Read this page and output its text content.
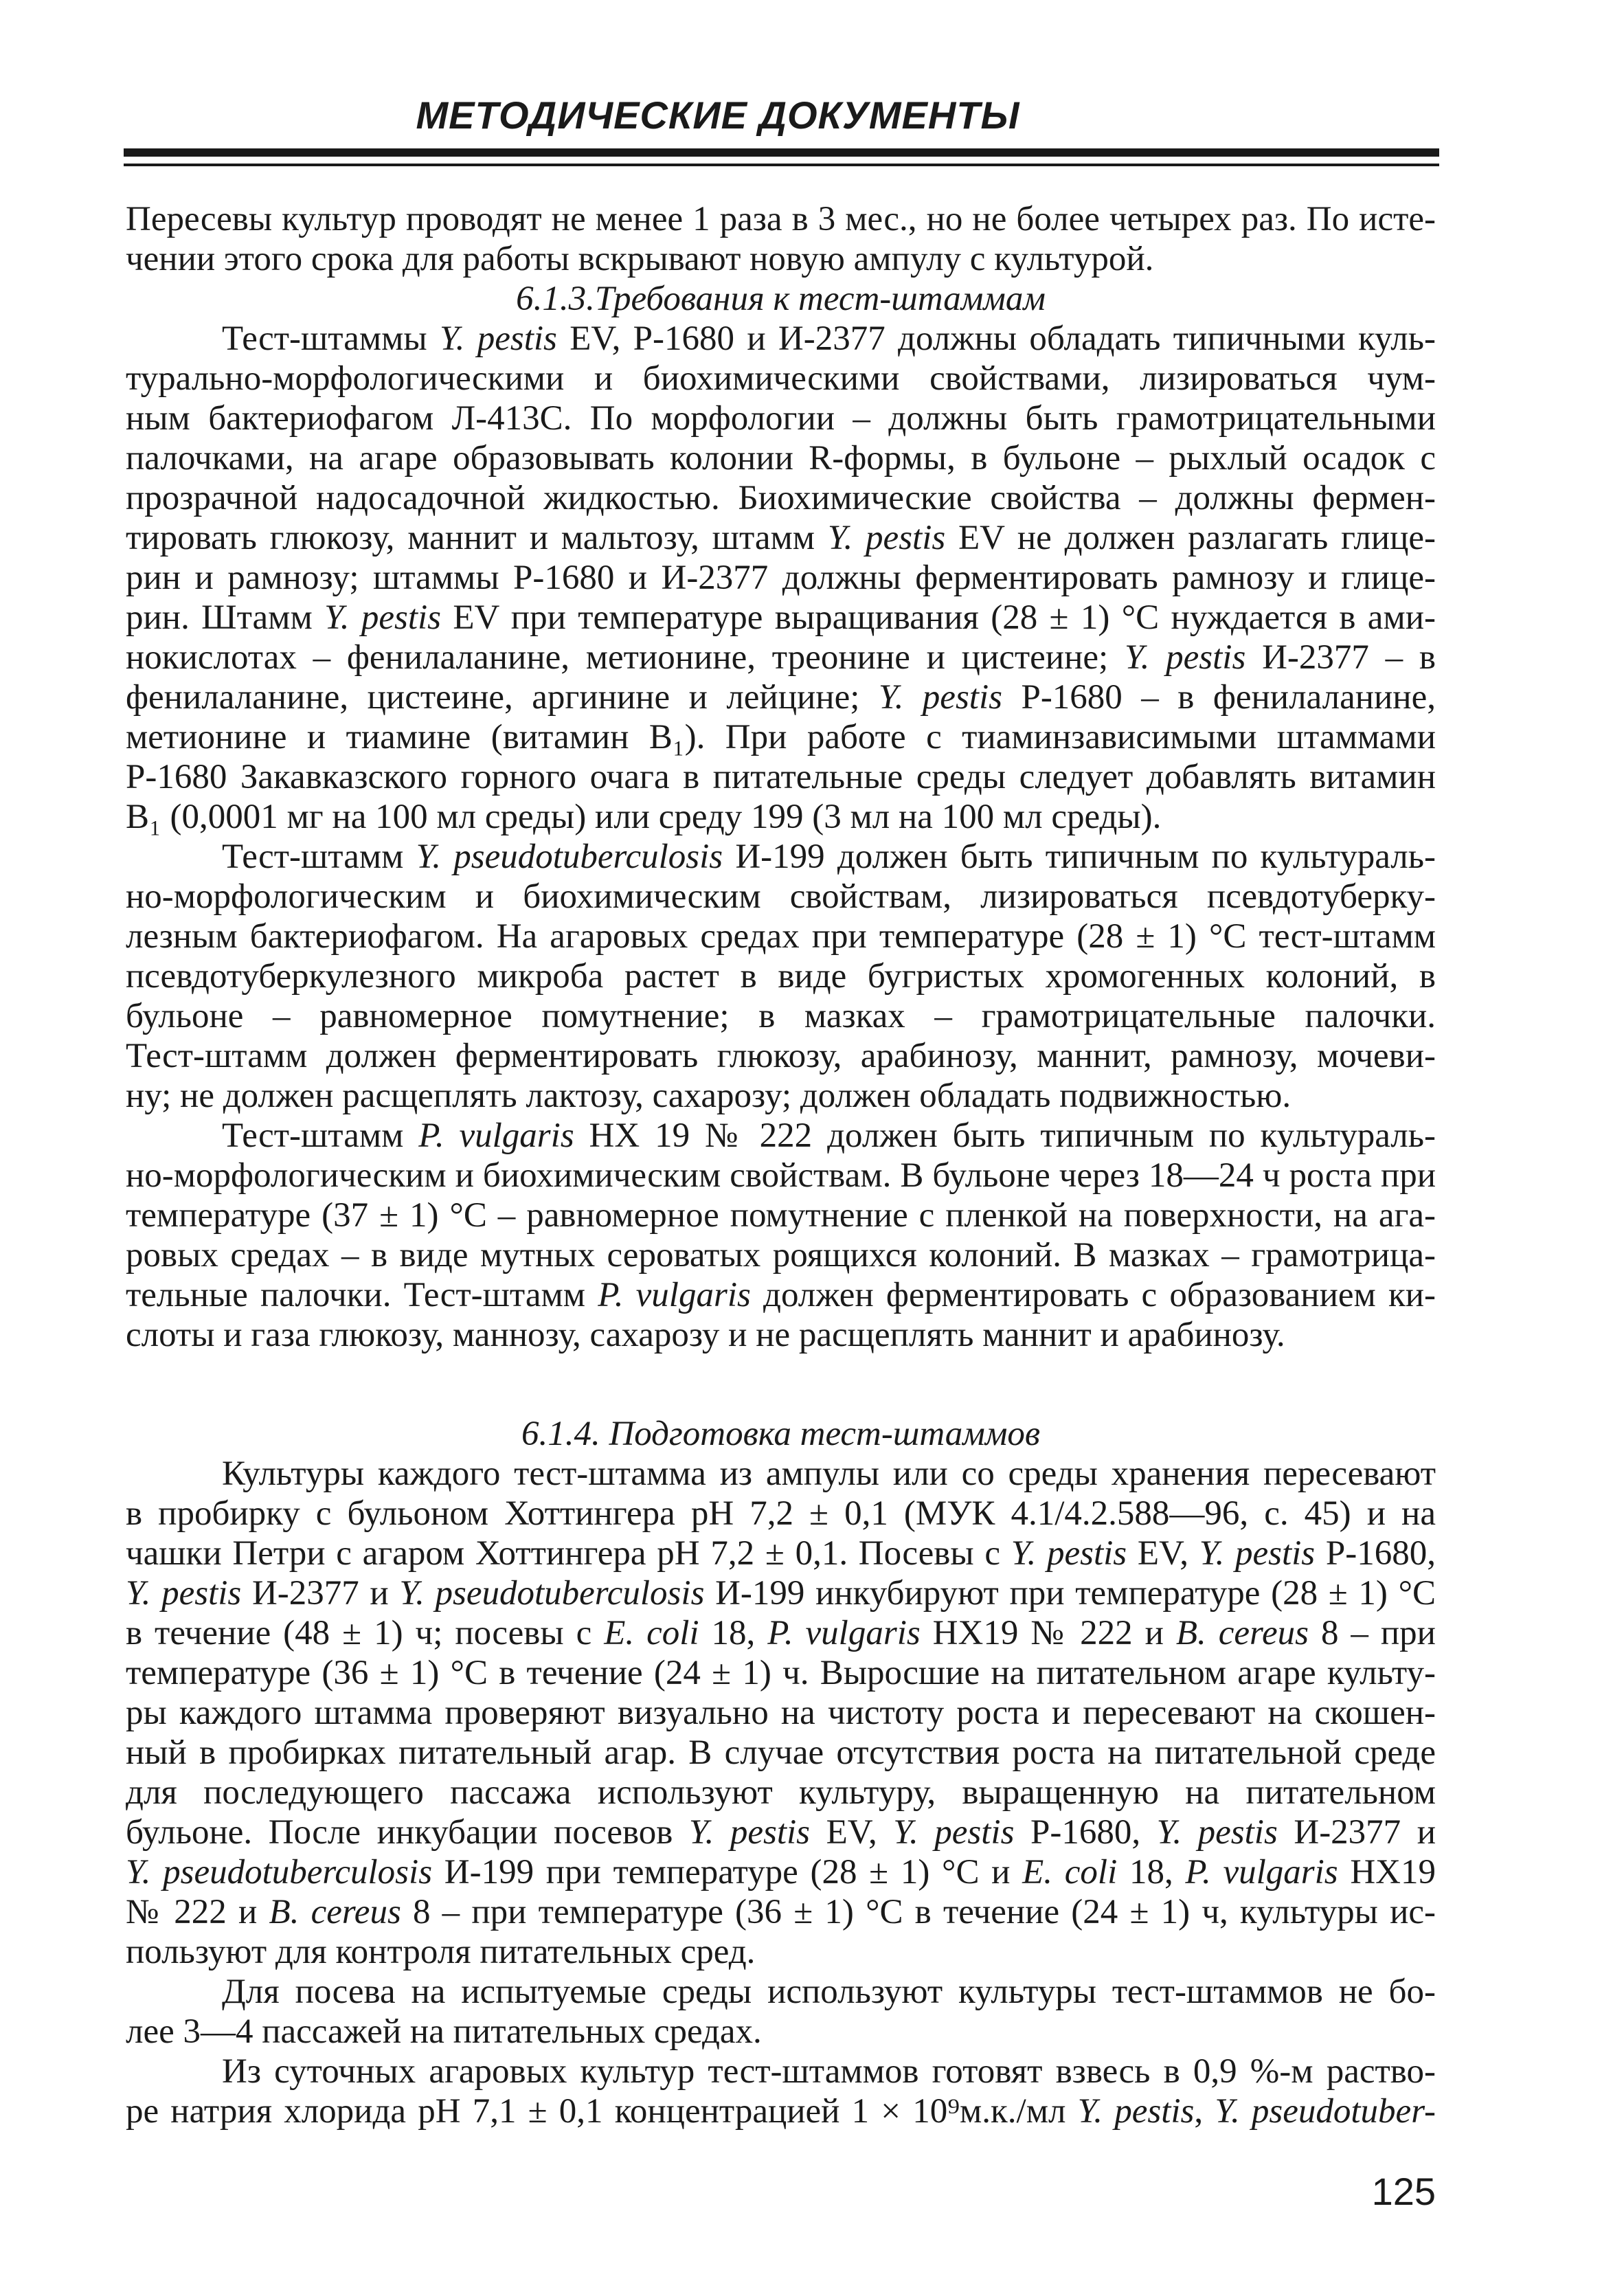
МЕТОДИЧЕСКИЕ ДОКУМЕНТЫ
Пересевы культур проводят не менее 1 раза в 3 мес., но не более четырех раз. По исте-
чении этого срока для работы вскрывают новую ампулу с культурой.
6.1.3.Требования к тест-штаммам
Тест-штаммы Y. pestis EV, Р-1680 и И-2377 должны обладать типичными куль-
турально-морфологическими и биохимическими свойствами, лизироваться чум-
ным бактериофагом Л-413С. По морфологии – должны быть грамотрицательными
палочками, на агаре образовывать колонии R-формы, в бульоне – рыхлый осадок с
прозрачной надосадочной жидкостью. Биохимические свойства – должны фермен-
тировать глюкозу, маннит и мальтозу, штамм Y. pestis EV не должен разлагать глице-
рин и рамнозу; штаммы Р-1680 и И-2377 должны ферментировать рамнозу и глице-
рин. Штамм Y. pestis EV при температуре выращивания (28 ± 1) °С нуждается в ами-
нокислотах – фенилаланине, метионине, треонине и цистеине; Y. pestis И-2377 – в
фенилаланине, цистеине, аргинине и лейцине; Y. pestis Р-1680 – в фенилаланине,
метионине и тиамине (витамин В₁). При работе с тиаминзависимыми штаммами
Р-1680 Закавказского горного очага в питательные среды следует добавлять витамин
В₁ (0,0001 мг на 100 мл среды) или среду 199 (3 мл на 100 мл среды).
Тест-штамм Y. pseudotuberculosis И-199 должен быть типичным по культураль-
но-морфологическим и биохимическим свойствам, лизироваться псевдотуберку-
лезным бактериофагом. На агаровых средах при температуре (28 ± 1) °С тест-штамм
псевдотуберкулезного микроба растет в виде бугристых хромогенных колоний, в
бульоне – равномерное помутнение; в мазках – грамотрицательные палочки.
Тест-штамм должен ферментировать глюкозу, арабинозу, маннит, рамнозу, мочеви-
ну; не должен расщеплять лактозу, сахарозу; должен обладать подвижностью.
Тест-штамм P. vulgaris HX 19 № 222 должен быть типичным по культураль-
но-морфологическим и биохимическим свойствам. В бульоне через 18—24 ч роста при
температуре (37 ± 1) °С – равномерное помутнение с пленкой на поверхности, на ага-
ровых средах – в виде мутных сероватых роящихся колоний. В мазках – грамотрица-
тельные палочки. Тест-штамм P. vulgaris должен ферментировать с образованием ки-
слоты и газа глюкозу, маннозу, сахарозу и не расщеплять маннит и арабинозу.
6.1.4. Подготовка тест-штаммов
Культуры каждого тест-штамма из ампулы или со среды хранения пересевают
в пробирку с бульоном Хоттингера рН 7,2 ± 0,1 (МУК 4.1/4.2.588—96, с. 45) и на
чашки Петри с агаром Хоттингера рН 7,2 ± 0,1. Посевы с Y. pestis EV, Y. pestis Р-1680,
Y. pestis И-2377 и Y. pseudotuberculosis И-199 инкубируют при температуре (28 ± 1) °С
в течение (48 ± 1) ч; посевы с E. coli 18, P. vulgaris HX19 № 222 и B. cereus 8 – при
температуре (36 ± 1) °С в течение (24 ± 1) ч. Выросшие на питательном агаре культу-
ры каждого штамма проверяют визуально на чистоту роста и пересевают на скошен-
ный в пробирках питательный агар. В случае отсутствия роста на питательной среде
для последующего пассажа используют культуру, выращенную на питательном
бульоне. После инкубации посевов Y. pestis EV, Y. pestis Р-1680, Y. pestis И-2377 и
Y. pseudotuberculosis И-199 при температуре (28 ± 1) °С и E. coli 18, P. vulgaris HX19
№ 222 и B. cereus 8 – при температуре (36 ± 1) °С в течение (24 ± 1) ч, культуры ис-
пользуют для контроля питательных сред.
Для посева на испытуемые среды используют культуры тест-штаммов не бо-
лее 3—4 пассажей на питательных средах.
Из суточных агаровых культур тест-штаммов готовят взвесь в 0,9 %-м раство-
ре натрия хлорида рН 7,1 ± 0,1 концентрацией 1 × 10⁹м.к./мл Y. pestis, Y. pseudotuber-
125
